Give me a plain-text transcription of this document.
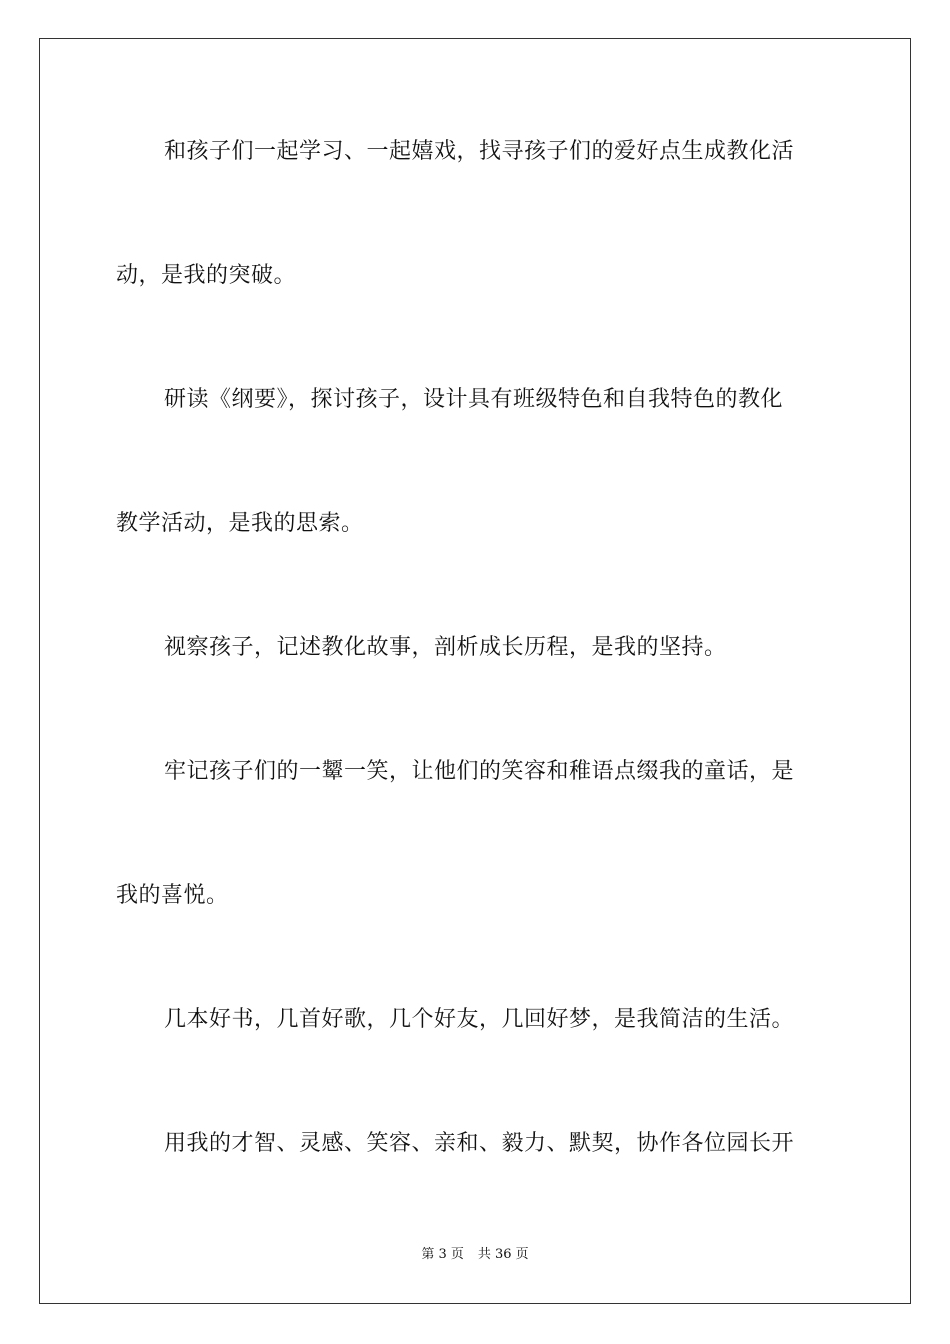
和孩子们一起学习、一起嬉戏，找寻孩子们的爱好点生成教化活
动，是我的突破。
研读《纲要》，探讨孩子，设计具有班级特色和自我特色的教化
教学活动，是我的思索。
视察孩子，记述教化故事，剖析成长历程，是我的坚持。
牢记孩子们的一颦一笑，让他们的笑容和稚语点缀我的童话，是
我的喜悦。
几本好书，几首好歌，几个好友，几回好梦，是我简洁的生活。
用我的才智、灵感、笑容、亲和、毅力、默契，协作各位园长开
第 3 页 共 36 页
